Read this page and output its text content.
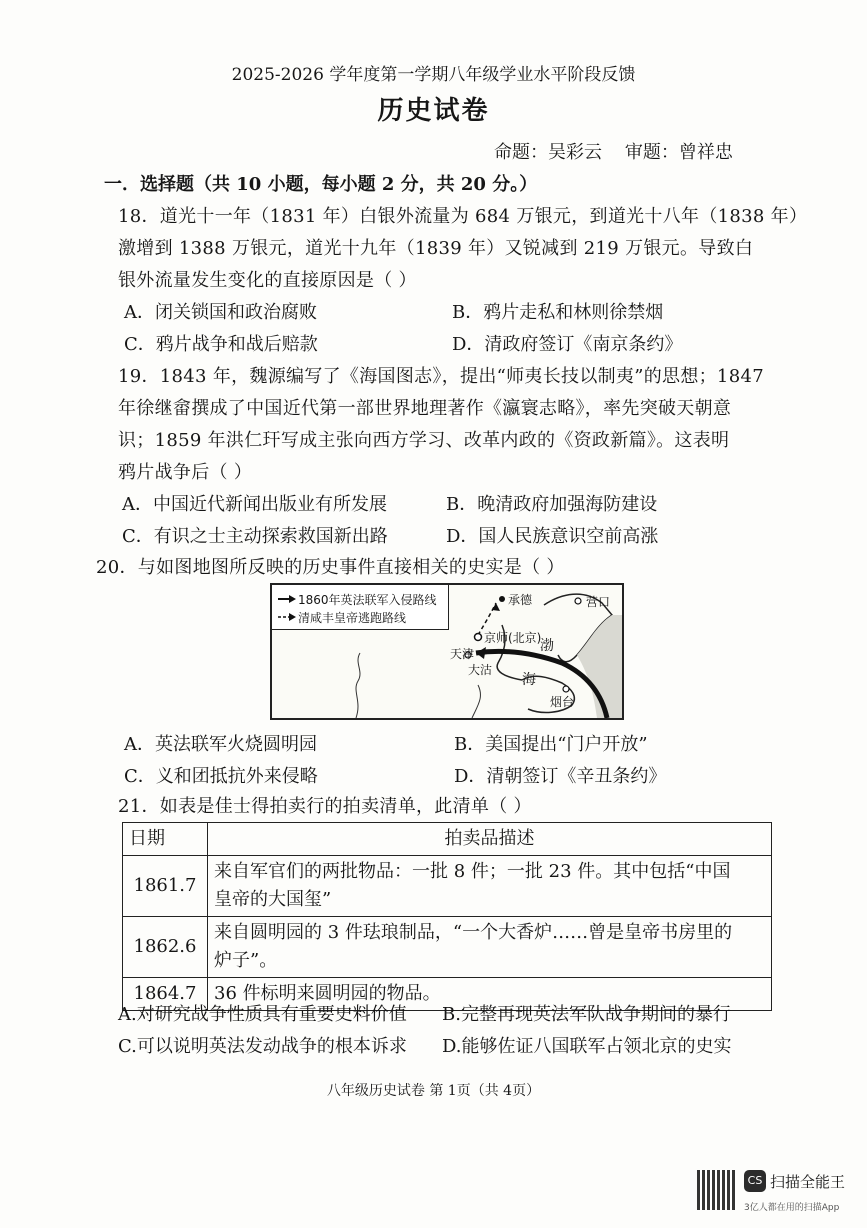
2025-2026 学年度第一学期八年级学业水平阶段反馈
历史试卷
命题：吴彩云    审题：曾祥忠
一．选择题（共 10 小题，每小题 2 分，共 20 分。）
18．道光十一年（1831 年）白银外流量为 684 万银元，到道光十八年（1838 年）
激增到 1388 万银元，道光十九年（1839 年）又锐减到 219 万银元。导致白
银外流量发生变化的直接原因是（ ）
A．闭关锁国和政治腐败	B．鸦片走私和林则徐禁烟
C．鸦片战争和战后赔款	D．清政府签订《南京条约》
19．1843 年，魏源编写了《海国图志》，提出“师夷长技以制夷”的思想；1847
年徐继畲撰成了中国近代第一部世界地理著作《瀛寰志略》，率先突破天朝意
识；1859 年洪仁玕写成主张向西方学习、改革内政的《资政新篇》。这表明
鸦片战争后（ ）
A．中国近代新闻出版业有所发展	B．晚清政府加强海防建设
C．有识之士主动探索救国新出路	D．国人民族意识空前高涨
20．与如图地图所反映的历史事件直接相关的史实是（ ）
1860年英法联军入侵路线
清咸丰皇帝逃跑路线
承德	营口
京师(北京)
渤
天津
大沽
海
烟台
A．英法联军火烧圆明园	B．美国提出“门户开放”
C．义和团抵抗外来侵略	D．清朝签订《辛丑条约》
21．如表是佳士得拍卖行的拍卖清单，此清单（ ）
日期	拍卖品描述
1861.7	来自军官们的两批物品：一批 8 件；一批 23 件。其中包括“中国
皇帝的大国玺”

1862.6	来自圆明园的 3 件珐琅制品，“一个大香炉……曾是皇帝书房里的
炉子”。

1864.7	36 件标明来圆明园的物品。
A.对研究战争性质具有重要史料价值 B.完整再现英法军队战争期间的暴行
C.可以说明英法发动战争的根本诉求 D.能够佐证八国联军占领北京的史实
八年级历史试卷 第 1页（共 4页）
CS 扫描全能王
3亿人都在用的扫描App
